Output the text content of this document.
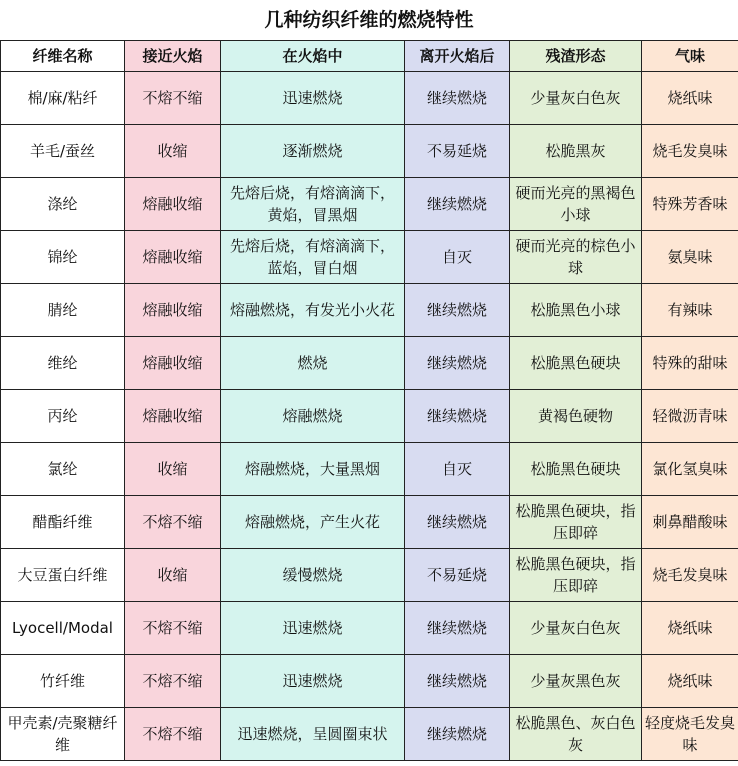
几种纺织纤维的燃烧特性
纤维名称	接近火焰	在火焰中	离开火焰后	残渣形态	气味
棉/麻/粘纤	不熔不缩	迅速燃烧	继续燃烧	少量灰白色灰	烧纸味
羊毛/蚕丝	收缩	逐渐燃烧	不易延烧	松脆黑灰	烧毛发臭味
涤纶	熔融收缩	先熔后烧，有熔滴滴下，黄焰，冒黑烟	继续燃烧	硬而光亮的黑褐色小球	特殊芳香味
锦纶	熔融收缩	先熔后烧，有熔滴滴下，蓝焰，冒白烟	自灭	硬而光亮的棕色小球	氨臭味
腈纶	熔融收缩	熔融燃烧，有发光小火花	继续燃烧	松脆黑色小球	有辣味
维纶	熔融收缩	燃烧	继续燃烧	松脆黑色硬块	特殊的甜味
丙纶	熔融收缩	熔融燃烧	继续燃烧	黄褐色硬物	轻微沥青味
氯纶	收缩	熔融燃烧，大量黑烟	自灭	松脆黑色硬块	氯化氢臭味
醋酯纤维	不熔不缩	熔融燃烧，产生火花	继续燃烧	松脆黑色硬块，指压即碎	刺鼻醋酸味
大豆蛋白纤维	收缩	缓慢燃烧	不易延烧	松脆黑色硬块，指压即碎	烧毛发臭味
Lyocell/Modal	不熔不缩	迅速燃烧	继续燃烧	少量灰白色灰	烧纸味
竹纤维	不熔不缩	迅速燃烧	继续燃烧	少量灰黑色灰	烧纸味
甲壳素/壳聚糖纤维	不熔不缩	迅速燃烧，呈圆圈束状	继续燃烧	松脆黑色、灰白色灰	轻度烧毛发臭味
